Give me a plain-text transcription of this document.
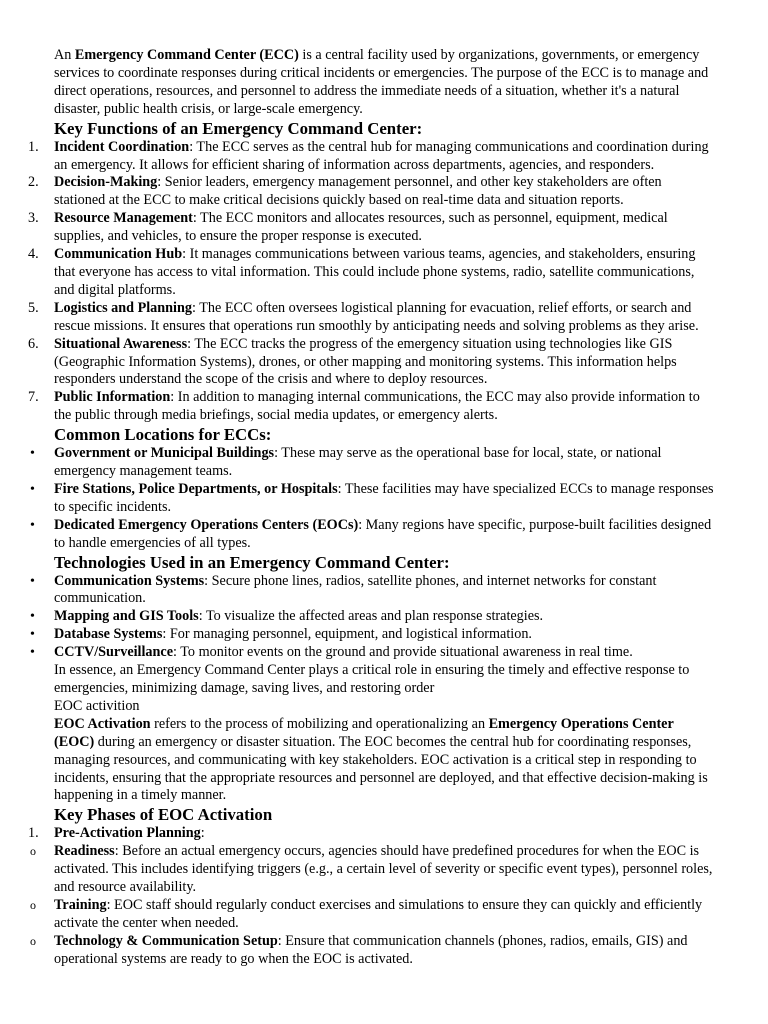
An Emergency Command Center (ECC) is a central facility used by organizations, governments, or emergency services to coordinate responses during critical incidents or emergencies. The purpose of the ECC is to manage and direct operations, resources, and personnel to address the immediate needs of a situation, whether it's a natural disaster, public health crisis, or large-scale emergency.

Key Functions of an Emergency Command Center:
1. Incident Coordination: The ECC serves as the central hub for managing communications and coordination during an emergency. It allows for efficient sharing of information across departments, agencies, and responders.
2. Decision-Making: Senior leaders, emergency management personnel, and other key stakeholders are often stationed at the ECC to make critical decisions quickly based on real-time data and situation reports.
3. Resource Management: The ECC monitors and allocates resources, such as personnel, equipment, medical supplies, and vehicles, to ensure the proper response is executed.
4. Communication Hub: It manages communications between various teams, agencies, and stakeholders, ensuring that everyone has access to vital information. This could include phone systems, radio, satellite communications, and digital platforms.
5. Logistics and Planning: The ECC often oversees logistical planning for evacuation, relief efforts, or search and rescue missions. It ensures that operations run smoothly by anticipating needs and solving problems as they arise.
6. Situational Awareness: The ECC tracks the progress of the emergency situation using technologies like GIS (Geographic Information Systems), drones, or other mapping and monitoring systems. This information helps responders understand the scope of the crisis and where to deploy resources.
7. Public Information: In addition to managing internal communications, the ECC may also provide information to the public through media briefings, social media updates, or emergency alerts.
Common Locations for ECCs:
• Government or Municipal Buildings: These may serve as the operational base for local, state, or national emergency management teams.
• Fire Stations, Police Departments, or Hospitals: These facilities may have specialized ECCs to manage responses to specific incidents.
• Dedicated Emergency Operations Centers (EOCs): Many regions have specific, purpose-built facilities designed to handle emergencies of all types.
Technologies Used in an Emergency Command Center:
• Communication Systems: Secure phone lines, radios, satellite phones, and internet networks for constant communication.
• Mapping and GIS Tools: To visualize the affected areas and plan response strategies.
• Database Systems: For managing personnel, equipment, and logistical information.
• CCTV/Surveillance: To monitor events on the ground and provide situational awareness in real time.

In essence, an Emergency Command Center plays a critical role in ensuring the timely and effective response to emergencies, minimizing damage, saving lives, and restoring order

EOC activition

EOC Activation refers to the process of mobilizing and operationalizing an Emergency Operations Center (EOC) during an emergency or disaster situation. The EOC becomes the central hub for coordinating responses, managing resources, and communicating with key stakeholders. EOC activation is a critical step in responding to incidents, ensuring that the appropriate resources and personnel are deployed, and that effective decision-making is happening in a timely manner.

Key Phases of EOC Activation
1. Pre-Activation Planning:
o Readiness: Before an actual emergency occurs, agencies should have predefined procedures for when the EOC is activated. This includes identifying triggers (e.g., a certain level of severity or specific event types), personnel roles, and resource availability.
o Training: EOC staff should regularly conduct exercises and simulations to ensure they can quickly and efficiently activate the center when needed.
o Technology & Communication Setup: Ensure that communication channels (phones, radios, emails, GIS) and operational systems are ready to go when the EOC is activated.
